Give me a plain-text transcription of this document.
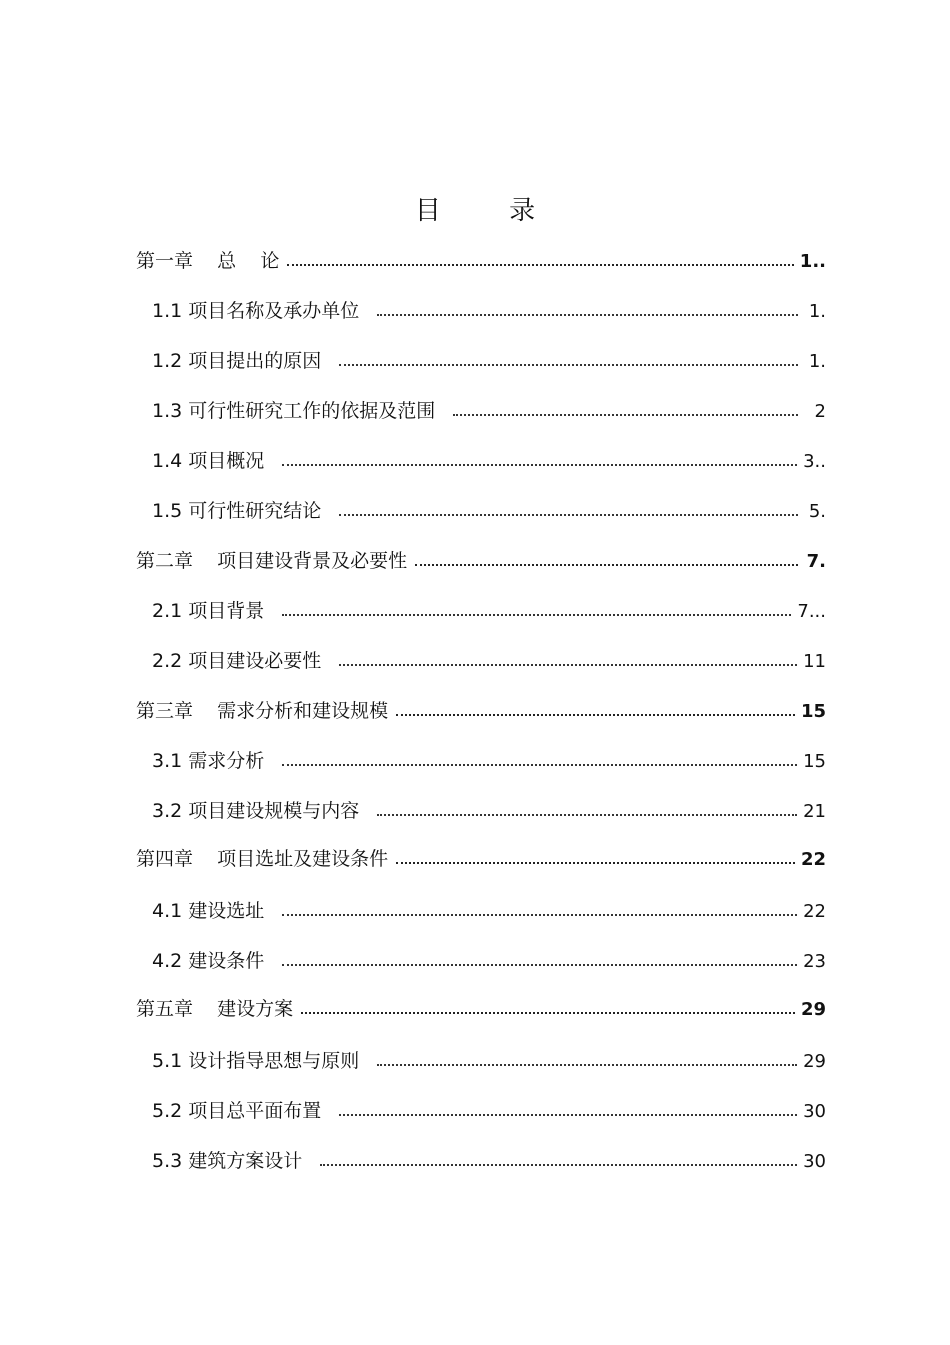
目 录
第一章    总    论	1..
1.1 项目名称及承办单位	1.
1.2 项目提出的原因	1.
1.3 可行性研究工作的依据及范围	2
1.4 项目概况	3..
1.5 可行性研究结论	5.
第二章    项目建设背景及必要性	7.
2.1 项目背景	7...
2.2 项目建设必要性	11
第三章    需求分析和建设规模	15
3.1 需求分析	15
3.2 项目建设规模与内容	21
第四章    项目选址及建设条件	22
4.1 建设选址	22
4.2 建设条件	23
第五章    建设方案	29
5.1 设计指导思想与原则	29
5.2 项目总平面布置	30
5.3 建筑方案设计	30
